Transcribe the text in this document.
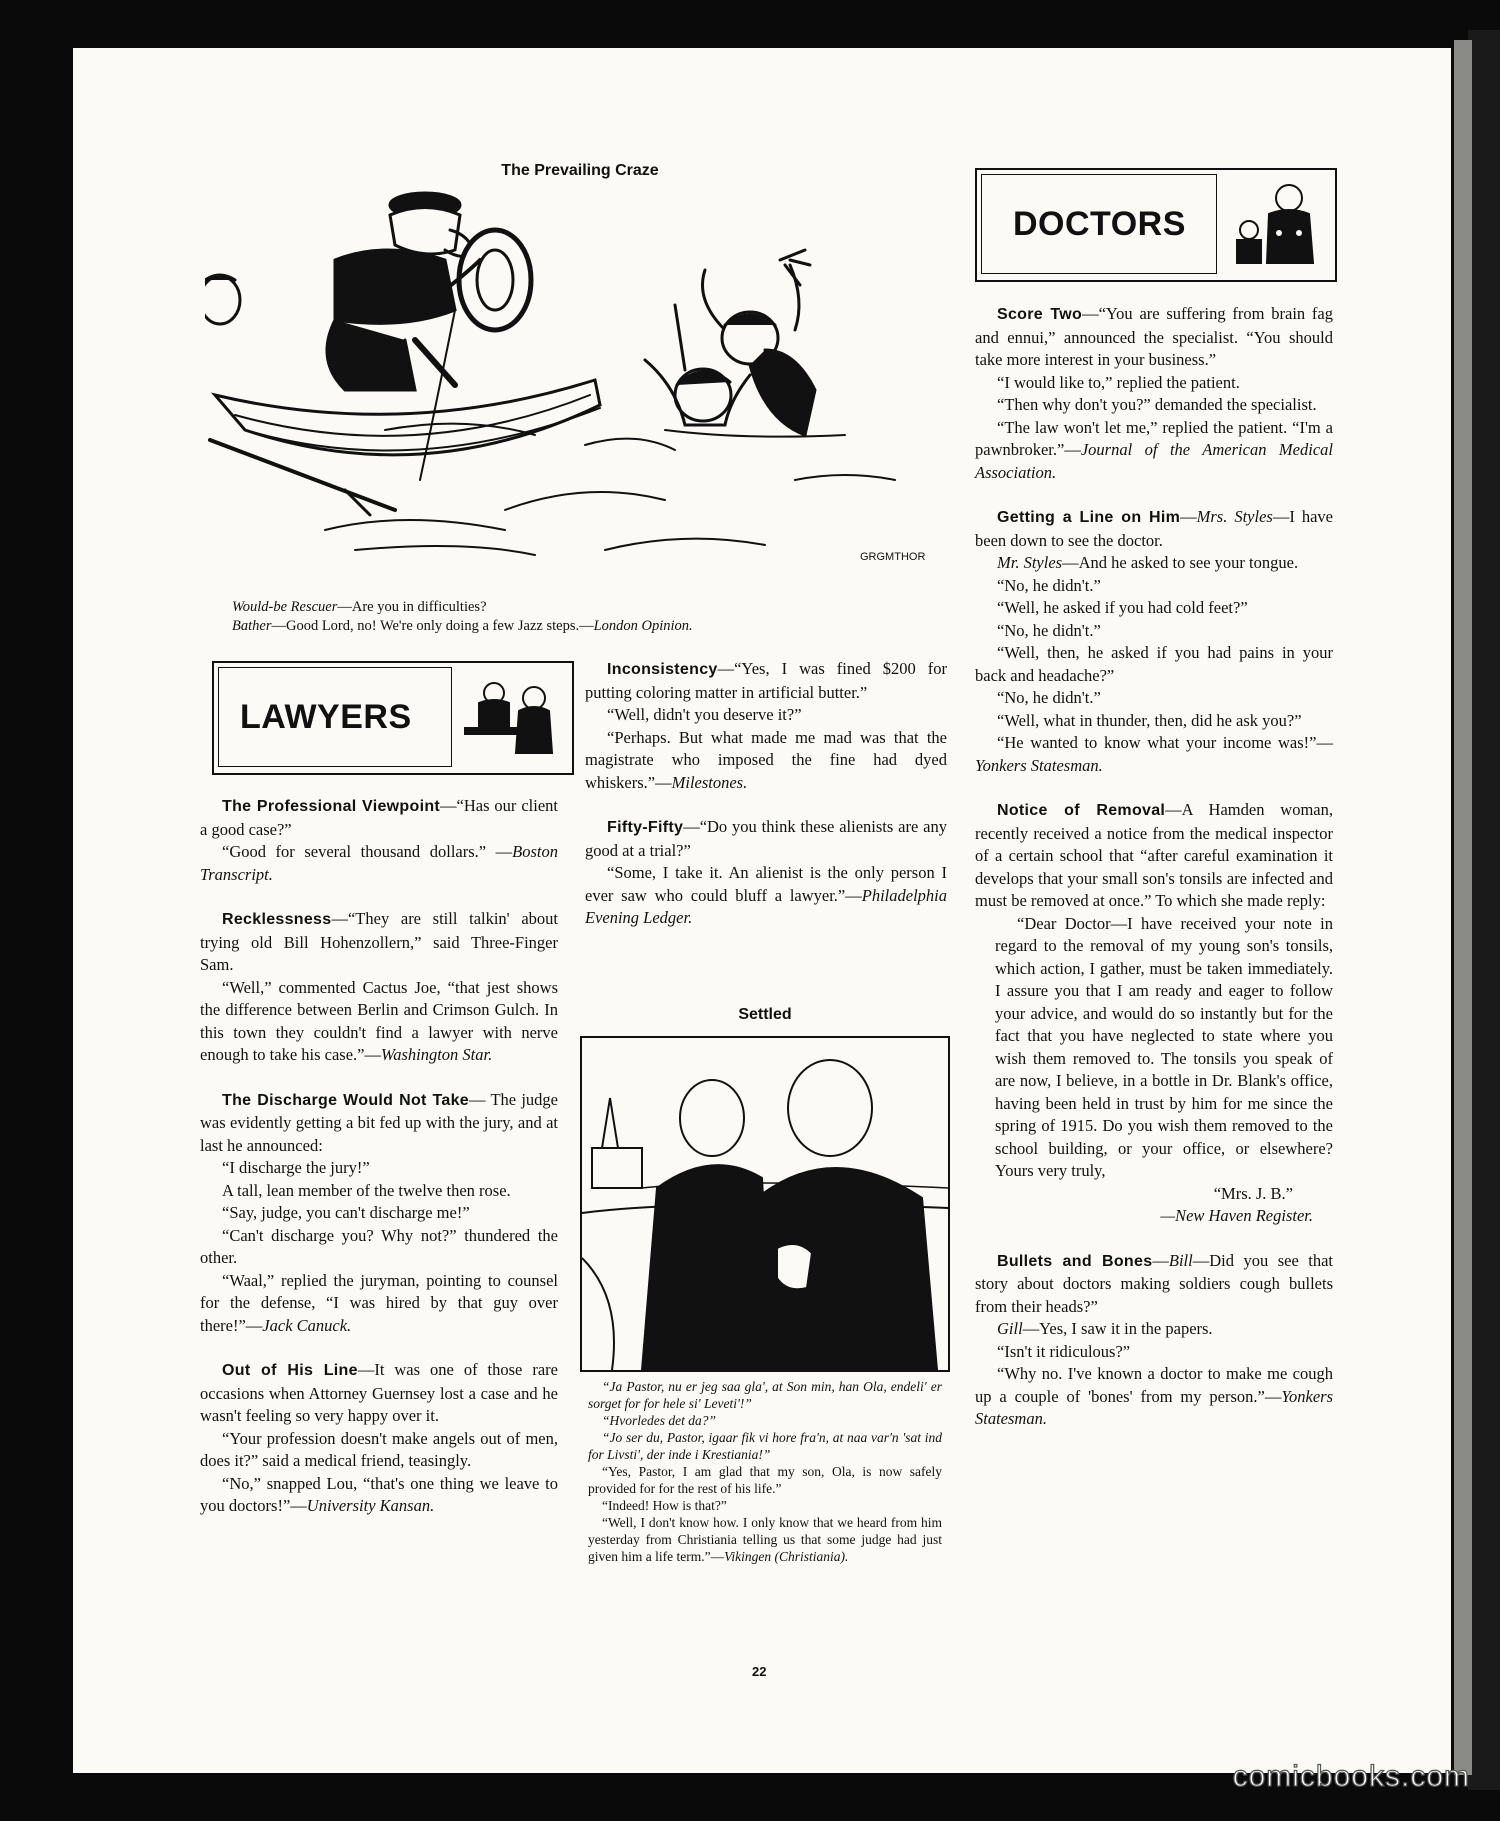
The Prevailing Craze
GRGMTHOR
Would-be Rescuer—Are you in difficulties?
Bather—Good Lord, no! We're only doing a few Jazz steps.—London Opinion.
LAWYERS
DOCTORS

The Professional Viewpoint—“Has our client a good case?”

“Good for several thousand dollars.” —Boston Transcript.

Recklessness—“They are still talkin' about trying old Bill Hohenzollern,” said Three-Finger Sam.

“Well,” commented Cactus Joe, “that jest shows the difference between Berlin and Crimson Gulch. In this town they couldn't find a lawyer with nerve enough to take his case.”—Washington Star.

The Discharge Would Not Take— The judge was evidently getting a bit fed up with the jury, and at last he announced:

“I discharge the jury!”

A tall, lean member of the twelve then rose.

“Say, judge, you can't discharge me!”

“Can't discharge you? Why not?” thundered the other.

“Waal,” replied the juryman, pointing to counsel for the defense, “I was hired by that guy over there!”—Jack Canuck.

Out of His Line—It was one of those rare occasions when Attorney Guernsey lost a case and he wasn't feeling so very happy over it.

“Your profession doesn't make angels out of men, does it?” said a medical friend, teasingly.

“No,” snapped Lou, “that's one thing we leave to you doctors!”—University Kansan.

Inconsistency—“Yes, I was fined $200 for putting coloring matter in artificial butter.”

“Well, didn't you deserve it?”

“Perhaps. But what made me mad was that the magistrate who imposed the fine had dyed whiskers.”—Milestones.

Fifty-Fifty—“Do you think these alienists are any good at a trial?”

“Some, I take it. An alienist is the only person I ever saw who could bluff a lawyer.”—Philadelphia Evening Ledger.

Settled

“Ja Pastor, nu er jeg saa gla', at Son min, han Ola, endeli' er sorget for for hele si' Leveti'!”

“Hvorledes det da?”

“Jo ser du, Pastor, igaar fik vi hore fra'n, at naa var'n 'sat ind for Livsti', der inde i Krestiania!”

“Yes, Pastor, I am glad that my son, Ola, is now safely provided for for the rest of his life.”

“Indeed! How is that?”

“Well, I don't know how. I only know that we heard from him yesterday from Christiania telling us that some judge had just given him a life term.”—Vikingen (Christiania).

Score Two—“You are suffering from brain fag and ennui,” announced the specialist. “You should take more interest in your business.”

“I would like to,” replied the patient.

“Then why don't you?” demanded the specialist.

“The law won't let me,” replied the patient. “I'm a pawnbroker.”—Journal of the American Medical Association.

Getting a Line on Him—Mrs. Styles—I have been down to see the doctor.

Mr. Styles—And he asked to see your tongue.

“No, he didn't.”

“Well, he asked if you had cold feet?”

“No, he didn't.”

“Well, then, he asked if you had pains in your back and headache?”

“No, he didn't.”

“Well, what in thunder, then, did he ask you?”

“He wanted to know what your income was!”—Yonkers Statesman.

Notice of Removal—A Hamden woman, recently received a notice from the medical inspector of a certain school that “after careful examination it develops that your small son's tonsils are infected and must be removed at once.” To which she made reply:

“Dear Doctor—I have received your note in regard to the removal of my young son's tonsils, which action, I gather, must be taken immediately. I assure you that I am ready and eager to follow your advice, and would do so instantly but for the fact that you have neglected to state where you wish them removed to. The tonsils you speak of are now, I believe, in a bottle in Dr. Blank's office, having been held in trust by him for me since the spring of 1915. Do you wish them removed to the school building, or your office, or elsewhere? Yours very truly,

“Mrs. J. B.”

—New Haven Register.

Bullets and Bones—Bill—Did you see that story about doctors making soldiers cough bullets from their heads?”

Gill—Yes, I saw it in the papers.

“Isn't it ridiculous?”

“Why no. I've known a doctor to make me cough up a couple of 'bones' from my person.”—Yonkers Statesman.

22
comicbooks.com
